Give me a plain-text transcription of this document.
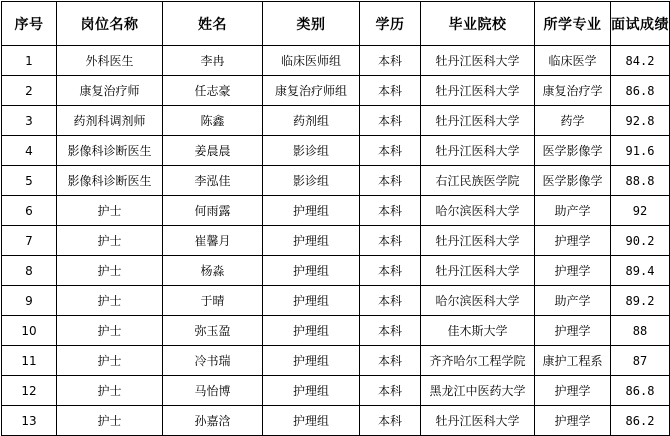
序号	岗位名称	姓名	类别	学历	毕业院校	所学专业	面试成绩
1	外科医生	李冉	临床医师组	本科	牡丹江医科大学	临床医学	84.2
2	康复治疗师	任志豪	康复治疗师组	本科	牡丹江医科大学	康复治疗学	86.8
3	药剂科调剂师	陈鑫	药剂组	本科	牡丹江医科大学	药学	92.8
4	影像科诊断医生	姜晨晨	影诊组	本科	牡丹江医科大学	医学影像学	91.6
5	影像科诊断医生	李泓佳	影诊组	本科	右江民族医学院	医学影像学	88.8
6	护士	何雨露	护理组	本科	哈尔滨医科大学	助产学	92
7	护士	崔馨月	护理组	本科	牡丹江医科大学	护理学	90.2
8	护士	杨淼	护理组	本科	牡丹江医科大学	护理学	89.4
9	护士	于晴	护理组	本科	哈尔滨医科大学	助产学	89.2
10	护士	弥玉盈	护理组	本科	佳木斯大学	护理学	88
11	护士	冷书瑞	护理组	本科	齐齐哈尔工程学院	康护工程系	87
12	护士	马怡博	护理组	本科	黑龙江中医药大学	护理学	86.8
13	护士	孙嘉浛	护理组	本科	牡丹江医科大学	护理学	86.2
